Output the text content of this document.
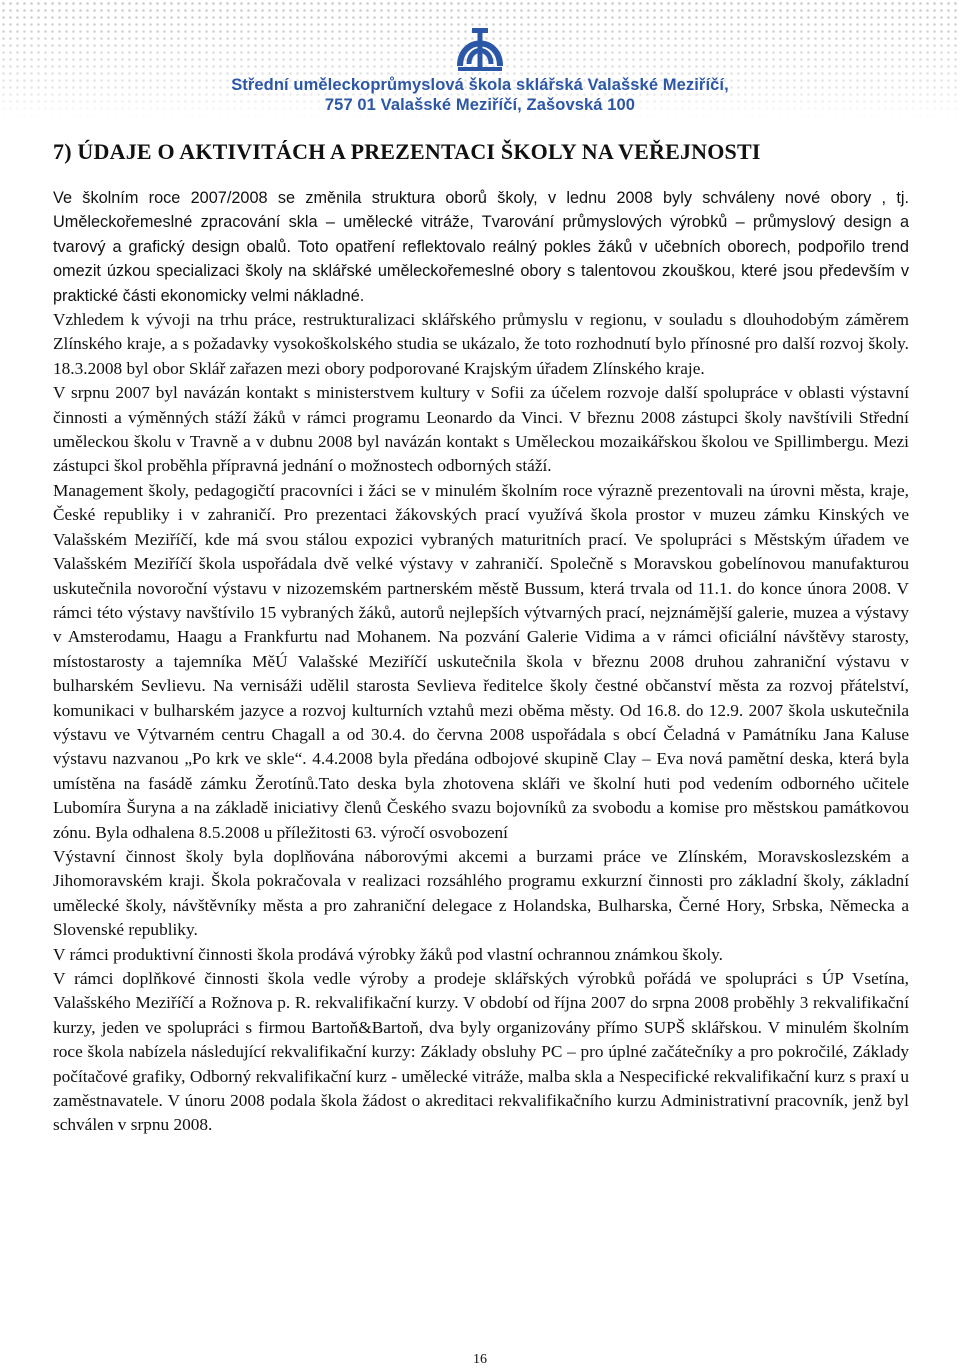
Střední uměleckoprůmyslová škola sklářská Valašské Meziříčí,
757 01 Valašské Meziříčí, Zašovská 100
7) ÚDAJE O AKTIVITÁCH A PREZENTACI ŠKOLY NA VEŘEJNOSTI

Ve školním roce 2007/2008 se změnila struktura oborů školy, v lednu 2008 byly schváleny nové obory , tj. Uměleckořemeslné zpracování skla – umělecké vitráže, Tvarování průmyslových výrobků – průmyslový design a tvarový a grafický design obalů. Toto opatření reflektovalo reálný pokles žáků v učebních oborech, podpořilo trend omezit úzkou specializaci školy na sklářské uměleckořemeslné obory s talentovou zkouškou, které jsou především v praktické části ekonomicky velmi nákladné.

Vzhledem k vývoji na trhu práce, restrukturalizaci sklářského průmyslu v regionu, v souladu s dlouhodobým záměrem Zlínského kraje, a s požadavky vysokoškolského studia se ukázalo, že toto rozhodnutí bylo přínosné pro další rozvoj školy. 18.3.2008 byl obor Sklář zařazen mezi obory podporované Krajským úřadem Zlínského kraje.

V srpnu 2007 byl navázán kontakt s ministerstvem kultury v Sofii za účelem rozvoje další spolupráce v oblasti výstavní činnosti a výměnných stáží žáků v rámci programu Leonardo da Vinci. V březnu 2008 zástupci školy navštívili Střední uměleckou školu v Travně a v dubnu 2008 byl navázán kontakt s Uměleckou mozaikářskou školou ve Spillimbergu. Mezi zástupci škol proběhla přípravná jednání o možnostech odborných stáží.

Management školy, pedagogičtí pracovníci i žáci se v minulém školním roce výrazně prezentovali na úrovni města, kraje, České republiky i v zahraničí. Pro prezentaci žákovských prací využívá škola prostor v muzeu zámku Kinských ve Valašském Meziříčí, kde má svou stálou expozici vybraných maturitních prací. Ve spolupráci s Městským úřadem ve Valašském Meziříčí škola uspořádala dvě velké výstavy v zahraničí. Společně s Moravskou gobelínovou manufakturou uskutečnila novoroční výstavu v nizozemském partnerském městě Bussum, která trvala od 11.1. do konce února 2008. V rámci této výstavy navštívilo 15 vybraných žáků, autorů nejlepších výtvarných prací, nejznámější galerie, muzea a výstavy v Amsterodamu, Haagu a Frankfurtu nad Mohanem. Na pozvání Galerie Vidima a v rámci oficiální návštěvy starosty, místostarosty a tajemníka MěÚ Valašské Meziříčí uskutečnila škola v březnu 2008 druhou zahraniční výstavu v bulharském Sevlievu. Na vernisáži udělil starosta Sevlieva ředitelce školy čestné občanství města za rozvoj přátelství, komunikaci v bulharském jazyce a rozvoj kulturních vztahů mezi oběma městy. Od 16.8. do 12.9. 2007 škola uskutečnila výstavu ve Výtvarném centru Chagall a od 30.4. do června 2008 uspořádala s obcí Čeladná v Památníku Jana Kaluse výstavu nazvanou „Po krk ve skle“. 4.4.2008 byla předána odbojové skupině Clay – Eva nová pamětní deska, která byla umístěna na fasádě zámku Žerotínů.Tato deska byla zhotovena skláři ve školní huti pod vedením odborného učitele Lubomíra Šuryna a na základě iniciativy členů Českého svazu bojovníků za svobodu a komise pro městskou památkovou zónu. Byla odhalena 8.5.2008 u příležitosti 63. výročí osvobození

Výstavní činnost školy byla doplňována náborovými akcemi a burzami práce ve Zlínském, Moravskoslezském a Jihomoravském kraji. Škola pokračovala v realizaci rozsáhlého programu exkurzní činnosti pro základní školy, základní umělecké školy, návštěvníky města a pro zahraniční delegace z Holandska, Bulharska, Černé Hory, Srbska, Německa a Slovenské republiky.

V rámci produktivní činnosti škola prodává výrobky žáků pod vlastní ochrannou známkou školy.

V rámci doplňkové činnosti škola vedle výroby a prodeje sklářských výrobků pořádá ve spolupráci s ÚP Vsetína, Valašského Meziříčí a Rožnova p. R. rekvalifikační kurzy. V období od října 2007 do srpna 2008 proběhly 3 rekvalifikační kurzy, jeden ve spolupráci s firmou Bartoň&Bartoň, dva byly organizovány přímo SUPŠ sklářskou. V minulém školním roce škola nabízela následující rekvalifikační kurzy: Základy obsluhy PC – pro úplné začátečníky a pro pokročilé, Základy počítačové grafiky, Odborný rekvalifikační kurz - umělecké vitráže, malba skla a Nespecifické rekvalifikační kurz s praxí u zaměstnavatele. V únoru 2008 podala škola žádost o akreditaci rekvalifikačního kurzu Administrativní pracovník, jenž byl schválen v srpnu 2008.

16
